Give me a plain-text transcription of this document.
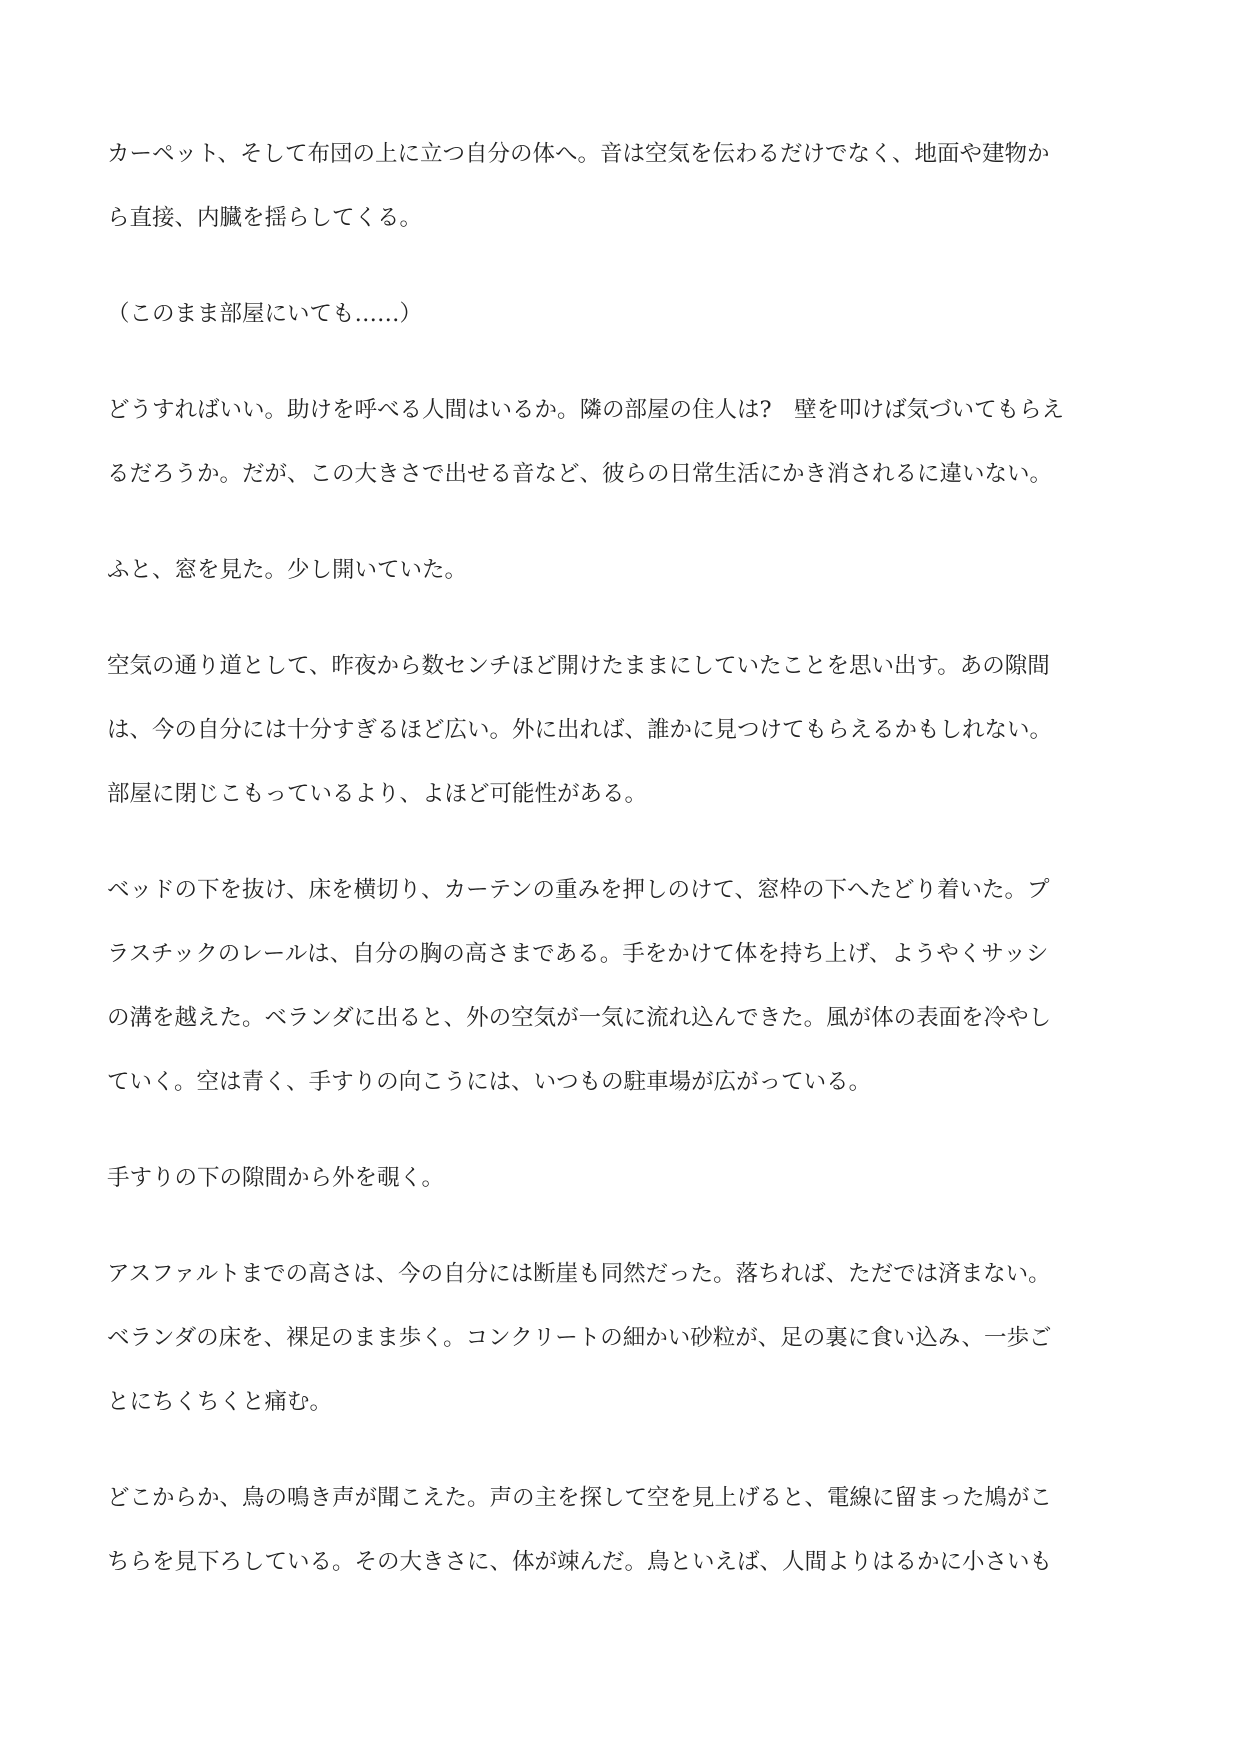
カーペット、そして布団の上に立つ自分の体へ。音は空気を伝わるだけでなく、地面や建物か
ら直接、内臓を揺らしてくる。

（このまま部屋にいても……）

どうすればいい。助けを呼べる人間はいるか。隣の部屋の住人は?　壁を叩けば気づいてもらえ
るだろうか。だが、この大きさで出せる音など、彼らの日常生活にかき消されるに違いない。

ふと、窓を見た。少し開いていた。

空気の通り道として、昨夜から数センチほど開けたままにしていたことを思い出す。あの隙間
は、今の自分には十分すぎるほど広い。外に出れば、誰かに見つけてもらえるかもしれない。
部屋に閉じこもっているより、よほど可能性がある。

ベッドの下を抜け、床を横切り、カーテンの重みを押しのけて、窓枠の下へたどり着いた。プ
ラスチックのレールは、自分の胸の高さまである。手をかけて体を持ち上げ、ようやくサッシ
の溝を越えた。ベランダに出ると、外の空気が一気に流れ込んできた。風が体の表面を冷やし
ていく。空は青く、手すりの向こうには、いつもの駐車場が広がっている。

手すりの下の隙間から外を覗く。

アスファルトまでの高さは、今の自分には断崖も同然だった。落ちれば、ただでは済まない。
ベランダの床を、裸足のまま歩く。コンクリートの細かい砂粒が、足の裏に食い込み、一歩ご
とにちくちくと痛む。

どこからか、鳥の鳴き声が聞こえた。声の主を探して空を見上げると、電線に留まった鳩がこ
ちらを見下ろしている。その大きさに、体が竦んだ。鳥といえば、人間よりはるかに小さいも
